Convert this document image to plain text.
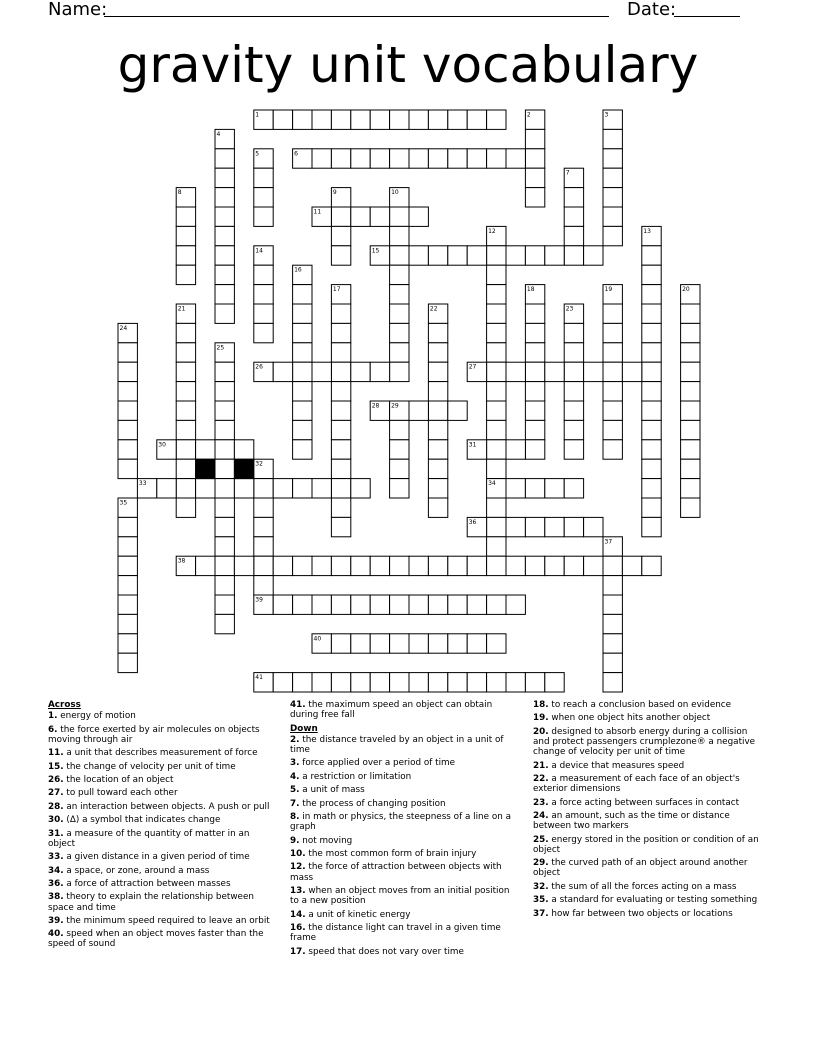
Name:	Date:
gravity unit vocabulary
1	2	3
4
5	6
7
8	9	10
11
12	13
14	15
16
17	18	19	20
21	22	23
24
25
26	27
28 29
30	31
32
33	34
35
36
37
38
39
40
41
Across
1. energy of motion
6. the force exerted by air molecules on objects moving through air
11. a unit that describes measurement of force
15. the change of velocity per unit of time
26. the location of an object
27. to pull toward each other
28. an interaction between objects. A push or pull
30. (Δ) a symbol that indicates change
31. a measure of the quantity of matter in an object
33. a given distance in a given period of time
34. a space, or zone, around a mass
36. a force of attraction between masses
38. theory to explain the relationship between space and time
39. the minimum speed required to leave an orbit
40. speed when an object moves faster than the speed of sound
41. the maximum speed an object can obtain during free fall
Down
2. the distance traveled by an object in a unit of time
3. force applied over a period of time
4. a restriction or limitation
5. a unit of mass
7. the process of changing position
8. in math or physics, the steepness of a line on a graph
9. not moving
10. the most common form of brain injury
12. the force of attraction between objects with mass
13. when an object moves from an initial position to a new position
14. a unit of kinetic energy
16. the distance light can travel in a given time frame
17. speed that does not vary over time
18. to reach a conclusion based on evidence
19. when one object hits another object
20. designed to absorb energy during a collision and protect passengers crumplezone® a negative change of velocity per unit of time
21. a device that measures speed
22. a measurement of each face of an object's exterior dimensions
23. a force acting between surfaces in contact
24. an amount, such as the time or distance between two markers
25. energy stored in the position or condition of an object
29. the curved path of an object around another object
32. the sum of all the forces acting on a mass
35. a standard for evaluating or testing something
37. how far between two objects or locations
